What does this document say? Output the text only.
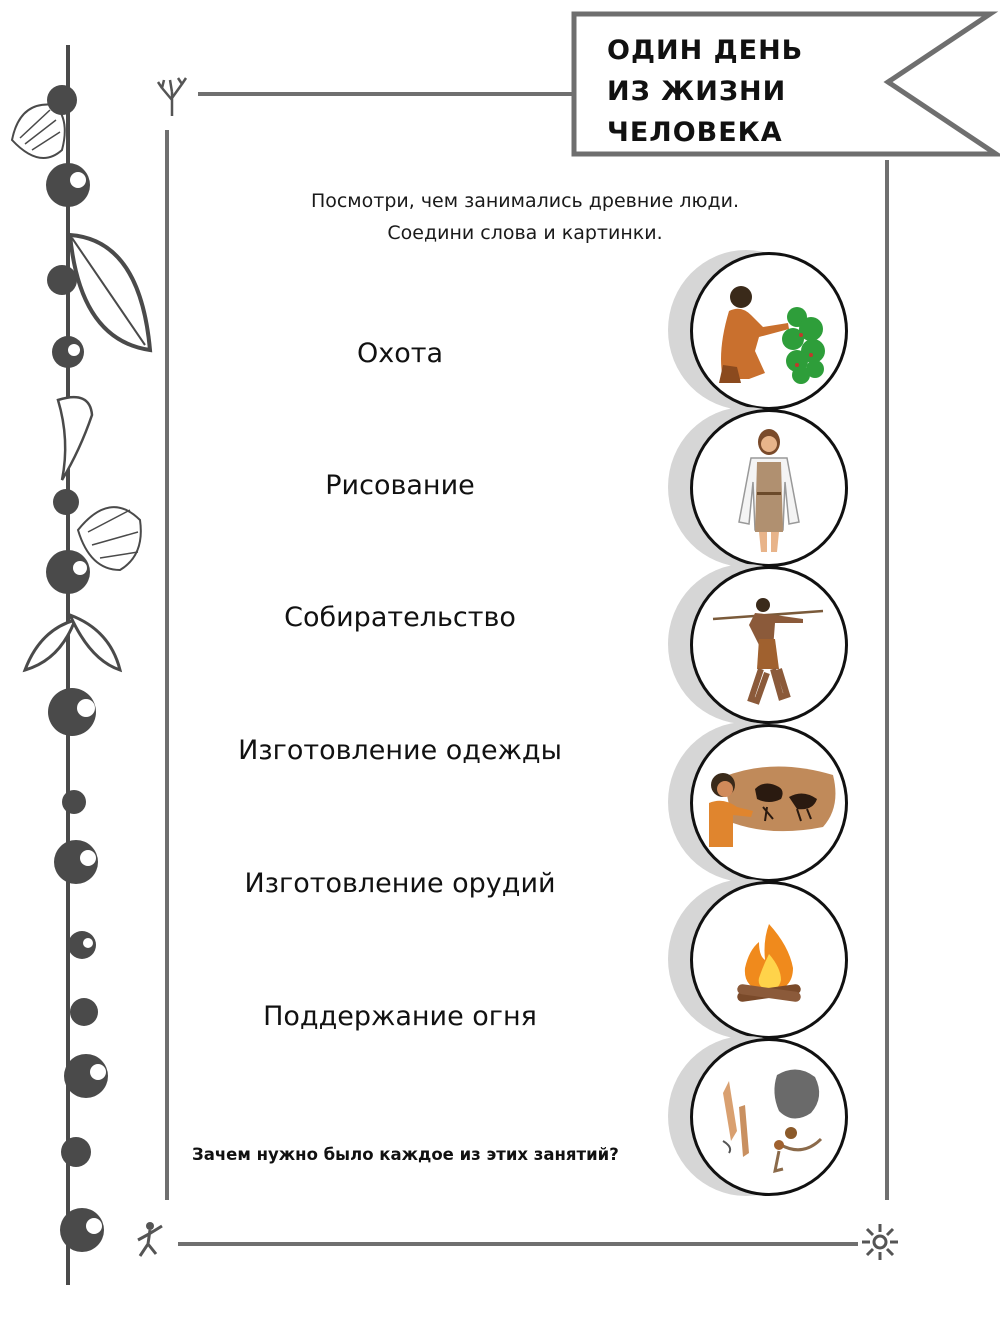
ОДИН ДЕНЬ
ИЗ ЖИЗНИ
ЧЕЛОВЕКА
Посмотри, чем занимались древние люди.
Соедини слова и картинки.
Охота
Рисование
Собирательство
Изготовление одежды
Изготовление орудий
Поддержание огня
Зачем нужно было каждое из этих занятий?
